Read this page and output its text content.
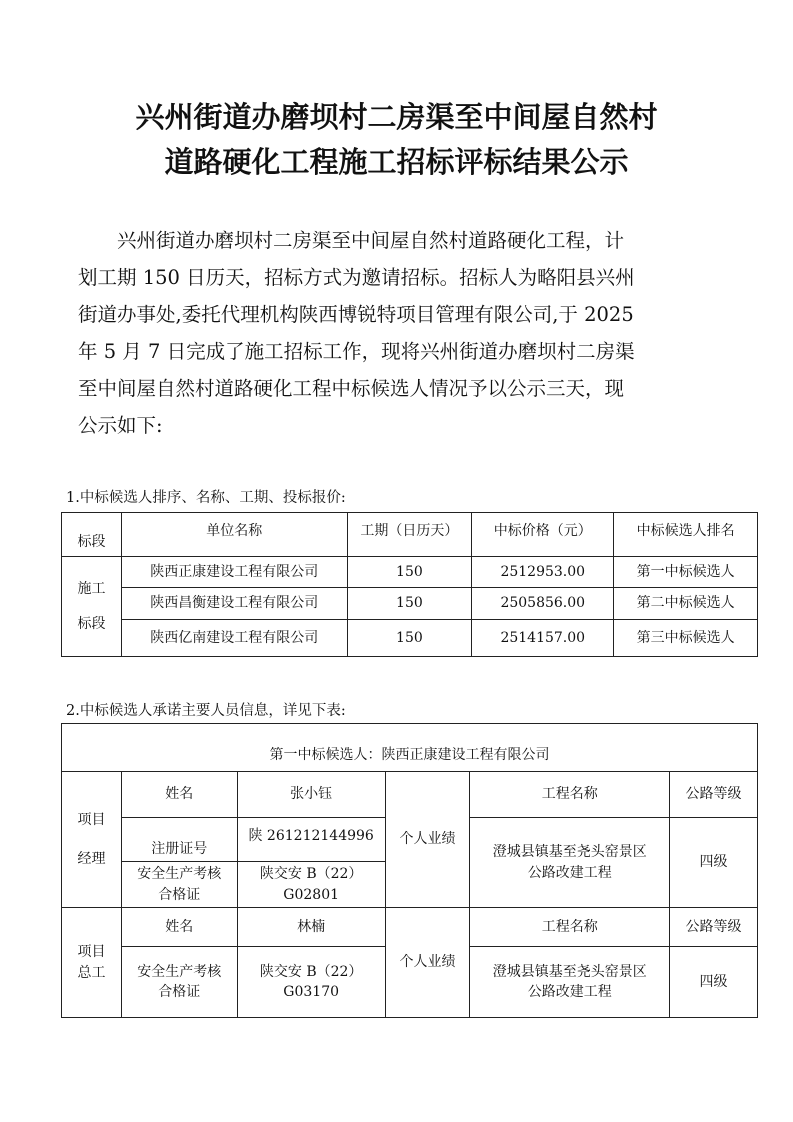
兴州街道办磨坝村二房渠至中间屋自然村
道路硬化工程施工招标评标结果公示
　　兴州街道办磨坝村二房渠至中间屋自然村道路硬化工程，计
划工期 150 日历天，招标方式为邀请招标。招标人为略阳县兴州
街道办事处,委托代理机构陕西博锐特项目管理有限公司,于 2025
年 5 月 7 日完成了施工招标工作，现将兴州街道办磨坝村二房渠
至中间屋自然村道路硬化工程中标候选人情况予以公示三天，现
公示如下:
1.中标候选人排序、名称、工期、投标报价:
标段	单位名称	工期（日历天）	中标价格（元）	中标候选人排名

施工
标段	陕西正康建设工程有限公司	150	2512953.00	第一中标候选人
	陕西昌衡建设工程有限公司	150	2505856.00	第二中标候选人
	陕西亿南建设工程有限公司	150	2514157.00	第三中标候选人
2.中标候选人承诺主要人员信息，详见下表:
第一中标候选人：陕西正康建设工程有限公司					

项目
经理	姓名	张小钰	个人业绩	工程名称	公路等级
	注册证号	陕 261212144996		澄城县镇基至尧头窑景区
公路改建工程	四级

	安全生产考核
合格证	陕交安 B（22）
G02801			

项目
总工	姓名	林楠	个人业绩	工程名称	公路等级

	安全生产考核
合格证	陕交安 B（22）
G03170		澄城县镇基至尧头窑景区
公路改建工程	四级
